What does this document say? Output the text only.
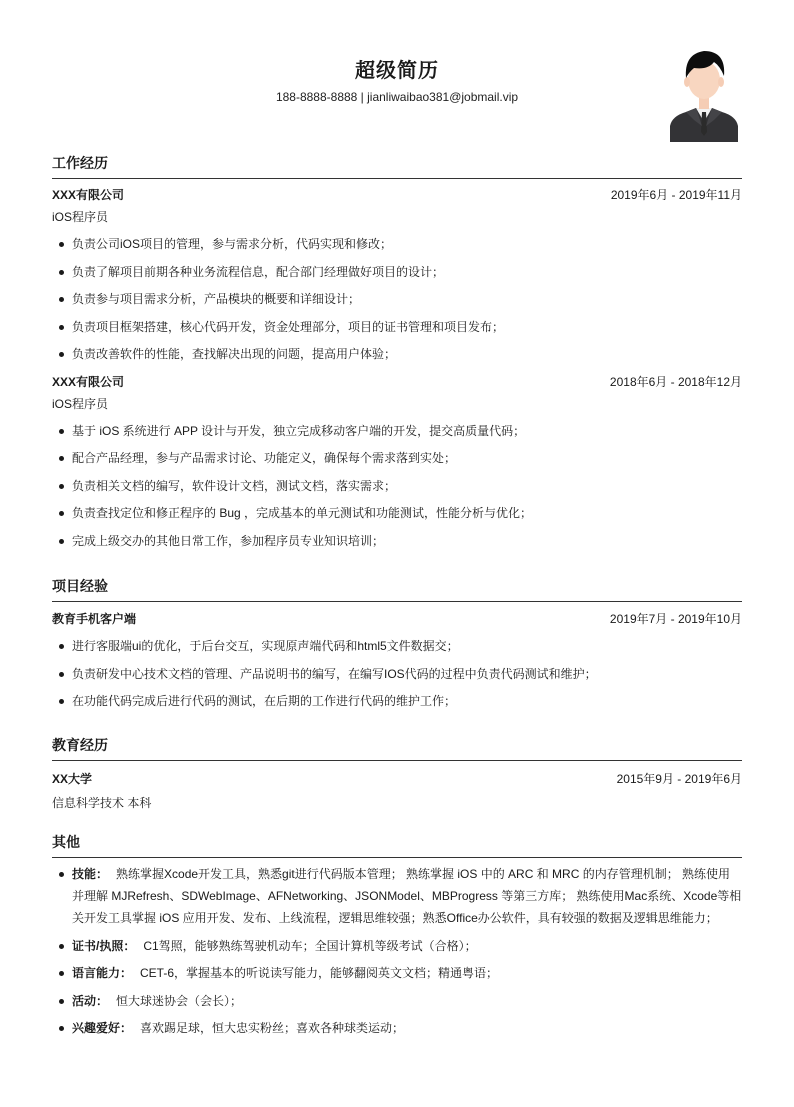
超级简历
188-8888-8888 | jianliwaibao381@jobmail.vip
工作经历
XXX有限公司	2019年6月 - 2019年11月
iOS程序员
负责公司iOS项目的管理，参与需求分析，代码实现和修改；
负责了解项目前期各种业务流程信息，配合部门经理做好项目的设计；
负责参与项目需求分析，产品模块的概要和详细设计；
负责项目框架搭建，核心代码开发，资金处理部分，项目的证书管理和项目发布；
负责改善软件的性能，查找解决出现的问题，提高用户体验；
XXX有限公司	2018年6月 - 2018年12月
iOS程序员
基于 iOS 系统进行 APP 设计与开发，独立完成移动客户端的开发，提交高质量代码；
配合产品经理，参与产品需求讨论、功能定义，确保每个需求落到实处；
负责相关文档的编写，软件设计文档，测试文档，落实需求；
负责查找定位和修正程序的 Bug ，完成基本的单元测试和功能测试，性能分析与优化；
完成上级交办的其他日常工作，参加程序员专业知识培训；
项目经验
教育手机客户端	2019年7月 - 2019年10月
进行客服端ui的优化，于后台交互，实现原声端代码和html5文件数据交；
负责研发中心技术文档的管理、产品说明书的编写，在编写IOS代码的过程中负责代码测试和维护；
在功能代码完成后进行代码的测试，在后期的工作进行代码的维护工作；
教育经历
XX大学	2015年9月 - 2019年6月
信息科学技术 本科
其他
技能： 熟练掌握Xcode开发工具，熟悉git进行代码版本管理； 熟练掌握 iOS 中的 ARC 和 MRC 的内存管理机制； 熟练使用并理解 MJRefresh、SDWebImage、AFNetworking、JSONModel、MBProgress 等第三方库； 熟练使用Mac系统、Xcode等相关开发工具掌握 iOS 应用开发、发布、上线流程，逻辑思维较强；熟悉Office办公软件，具有较强的数据及逻辑思维能力；
证书/执照： C1驾照，能够熟练驾驶机动车；全国计算机等级考试（合格）；
语言能力： CET-6，掌握基本的听说读写能力，能够翻阅英文文档；精通粤语；
活动： 恒大球迷协会（会长）；
兴趣爱好： 喜欢踢足球，恒大忠实粉丝；喜欢各种球类运动；
